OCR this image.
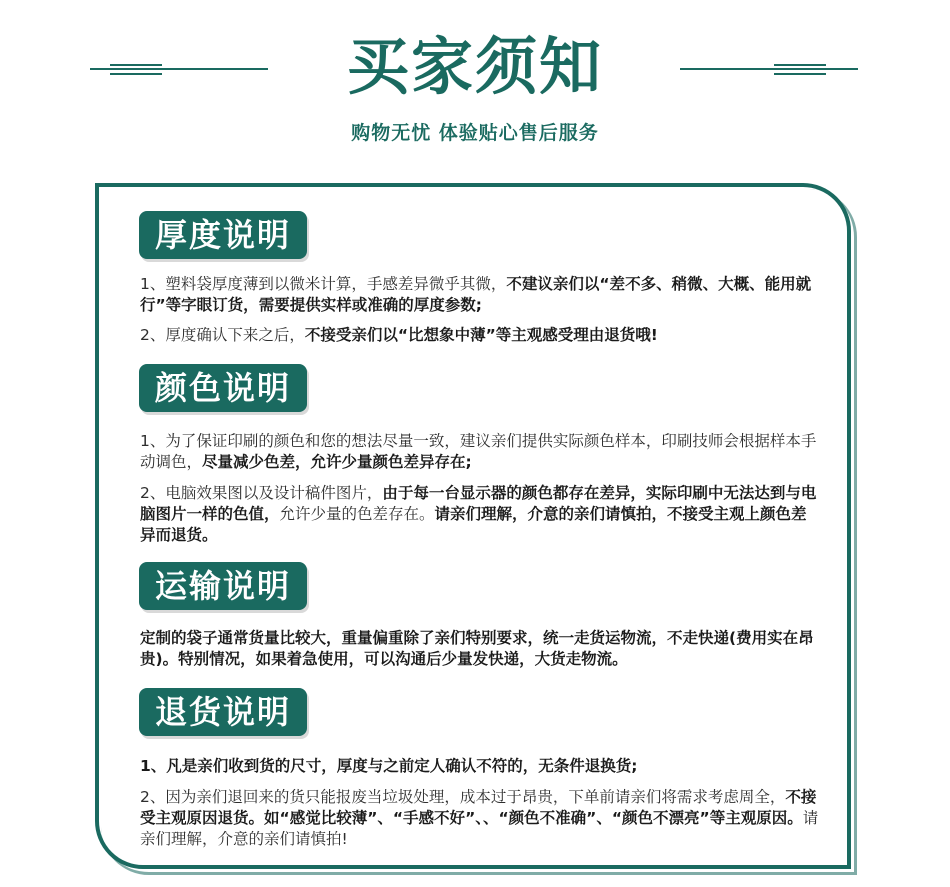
买家须知
购物无忧 体验贴心售后服务
厚度说明
1、塑料袋厚度薄到以微米计算，手感差异微乎其微，不建议亲们以“差不多、稍微、大概、能用就行”等字眼订货，需要提供实样或准确的厚度参数;
2、厚度确认下来之后，不接受亲们以“比想象中薄”等主观感受理由退货哦!
颜色说明
1、为了保证印刷的颜色和您的想法尽量一致，建议亲们提供实际颜色样本，印刷技师会根据样本手动调色，尽量减少色差，允许少量颜色差异存在;
2、电脑效果图以及设计稿件图片，由于每一台显示器的颜色都存在差异，实际印刷中无法达到与电脑图片一样的色值，允许少量的色差存在。请亲们理解，介意的亲们请慎拍，不接受主观上颜色差异而退货。
运输说明
定制的袋子通常货量比较大，重量偏重除了亲们特别要求，统一走货运物流，不走快递(费用实在昂贵)。特别情况，如果着急使用，可以沟通后少量发快递，大货走物流。
退货说明
1、凡是亲们收到货的尺寸，厚度与之前定人确认不符的，无条件退换货;
2、因为亲们退回来的货只能报废当垃圾处理，成本过于昂贵，下单前请亲们将需求考虑周全，不接受主观原因退货。如“感觉比较薄”、“手感不好”、、“颜色不准确”、“颜色不漂亮”等主观原因。请亲们理解，介意的亲们请慎拍!
